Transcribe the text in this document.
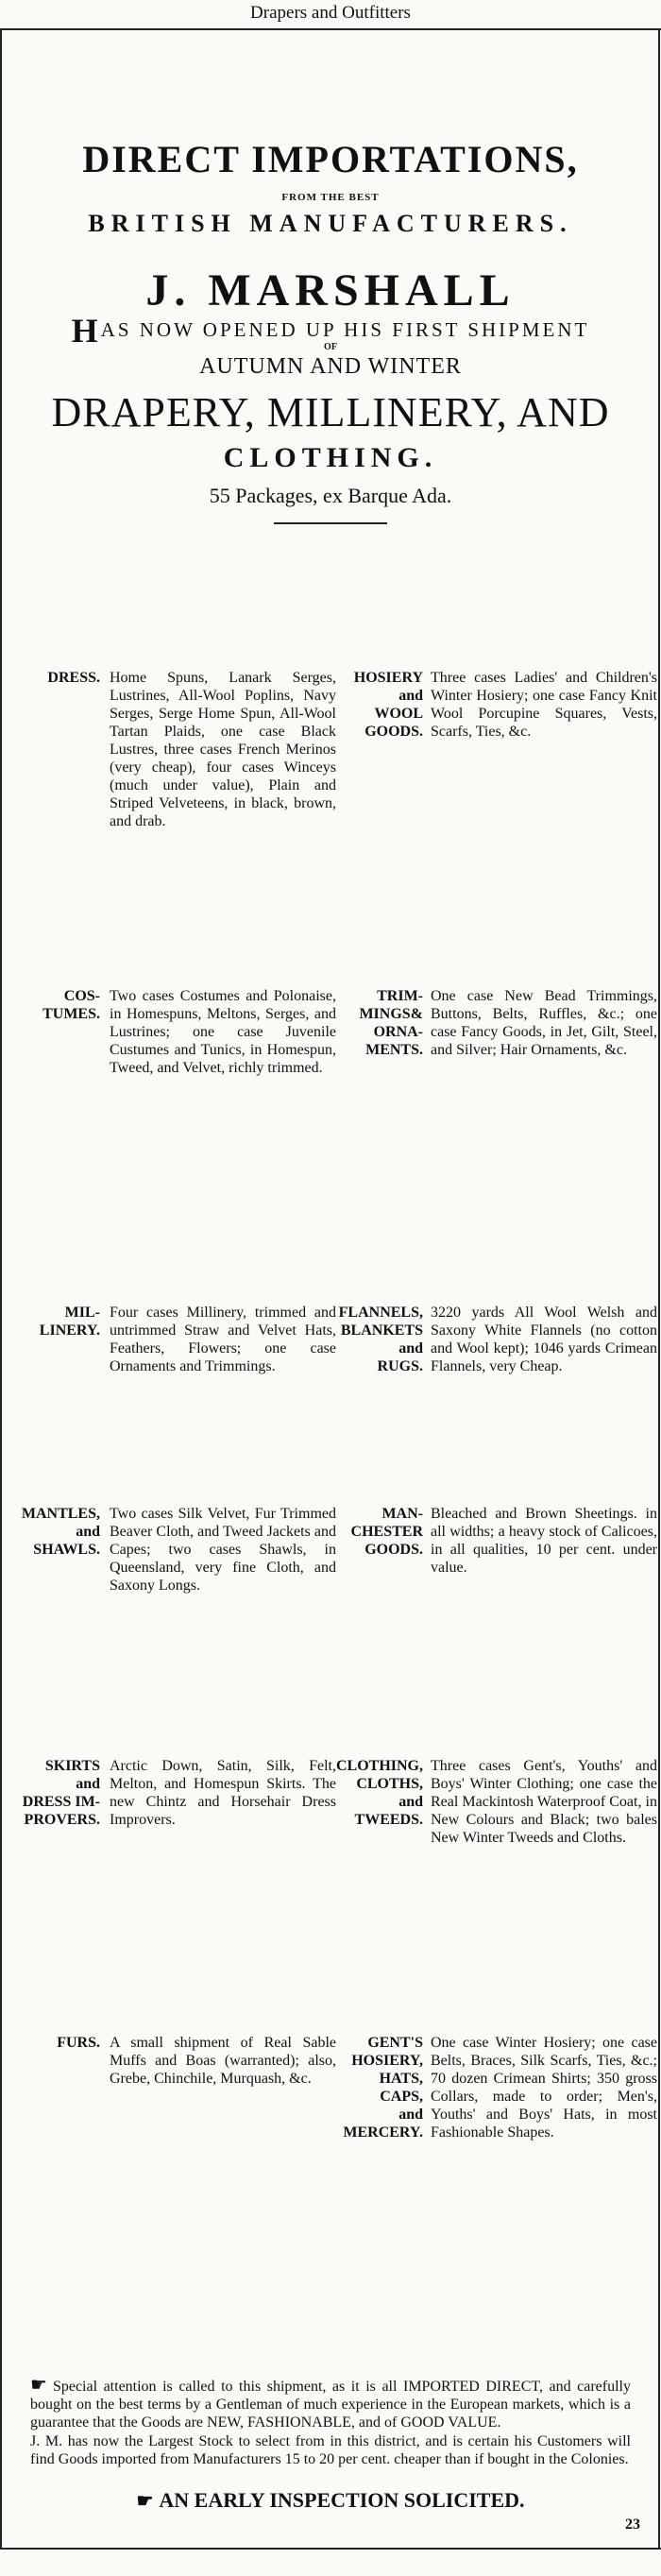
Drapers and Outfitters
DIRECT IMPORTATIONS,
FROM THE BEST
BRITISH MANUFACTURERS.
J. MARSHALL
HAS NOW OPENED UP HIS FIRST SHIPMENT
OF
AUTUMN AND WINTER
DRAPERY, MILLINERY, AND
CLOTHING.
55 Packages, ex Barque Ada.
DRESS. Home Spuns, Lanark Serges, Lustrines, All-Wool Poplins, Navy Serges, Serge Home Spun, All-Wool Tartan Plaids, one case Black Lustres, three cases French Merinos (very cheap), four cases Winceys (much under value), Plain and Striped Velveteens, in black, brown, and drab.
HOSIERY
and
WOOL
GOODS.
Three cases Ladies' and Children's Winter Hosiery; one case Fancy Knit Wool Porcupine Squares, Vests, Scarfs, Ties, &c.
COS-
TUMES.
Two cases Costumes and Polonaise, in Homespuns, Meltons, Serges, and Lustrines; one case Juvenile Custumes and Tunics, in Homespun, Tweed, and Velvet, richly trimmed.
TRIM-
MINGS&
ORNA-
MENTS.
One case New Bead Trimmings, Buttons, Belts, Ruffles, &c.; one case Fancy Goods, in Jet, Gilt, Steel, and Silver; Hair Ornaments, &c.
MIL-
LINERY.
Four cases Millinery, trimmed and untrimmed Straw and Velvet Hats, Feathers, Flowers; one case Ornaments and Trimmings.
FLANNELS,
BLANKETS
and
RUGS.
3220 yards All Wool Welsh and Saxony White Flannels (no cotton and Wool kept); 1046 yards Crimean Flannels, very Cheap.
MANTLES,
and
SHAWLS.
Two cases Silk Velvet, Fur Trimmed Beaver Cloth, and Tweed Jackets and Capes; two cases Shawls, in Queensland, very fine Cloth, and Saxony Longs.
MAN-
CHESTER
GOODS.
Bleached and Brown Sheetings. in all widths; a heavy stock of Calicoes, in all qualities, 10 per cent. under value.
SKIRTS
and
DRESS IM-
PROVERS.
Arctic Down, Satin, Silk, Felt, Melton, and Homespun Skirts. The new Chintz and Horsehair Dress Improvers.
CLOTHING,
CLOTHS,
and
TWEEDS.
Three cases Gent's, Youths' and Boys' Winter Clothing; one case the Real Mackintosh Waterproof Coat, in New Colours and Black; two bales New Winter Tweeds and Cloths.
FURS. A small shipment of Real Sable Muffs and Boas (warranted); also, Grebe, Chinchile, Murquash, &c.
GENT'S
HOSIERY,
HATS,
CAPS,
and
MERCERY.
One case Winter Hosiery; one case Belts, Braces, Silk Scarfs, Ties, &c.; 70 dozen Crimean Shirts; 350 gross Collars, made to order; Men's, Youths' and Boys' Hats, in most Fashionable Shapes.
☛ Special attention is called to this shipment, as it is all IMPORTED DIRECT, and carefully bought on the best terms by a Gentleman of much experience in the European markets, which is a guarantee that the Goods are NEW, FASHIONABLE, and of GOOD VALUE.
J. M. has now the Largest Stock to select from in this district, and is certain his Customers will find Goods imported from Manufacturers 15 to 20 per cent. cheaper than if bought in the Colonies.
☛ AN EARLY INSPECTION SOLICITED.
23
